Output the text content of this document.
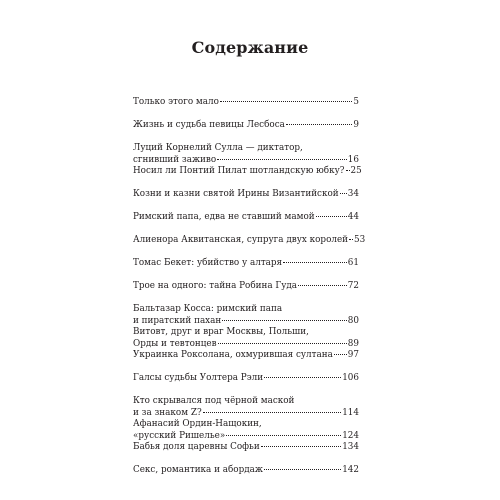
Содержание
Только этого мало	5
Жизнь и судьба певицы Лесбоса	9
Луций Корнелий Сулла — диктатор,
сгнивший заживо	16
Носил ли Понтий Пилат шотландскую юбку? 25
Козни и казни святой Ирины Византийской 34
Римский папа, едва не ставший мамой	44
Алиенора Аквитанская, супруга двух королей 53
Томас Бекет: убийство у алтаря	61
Трое на одного: тайна Робина Гуда	72
Бальтазар Косса: римский папа
и пиратский пахан	80
Витовт, друг и враг Москвы, Польши,
Орды и тевтонцев	89
Украинка Роксолана, охмурившая султана 97
Галсы судьбы Уолтера Рэли	106
Кто скрывался под чёрной маской
и за знаком Z?	114
Афанасий Ордин-Нащокин,
«русский Ришелье»	124
Бабья доля царевны Софьи	134
Секс, романтика и абордаж	142
